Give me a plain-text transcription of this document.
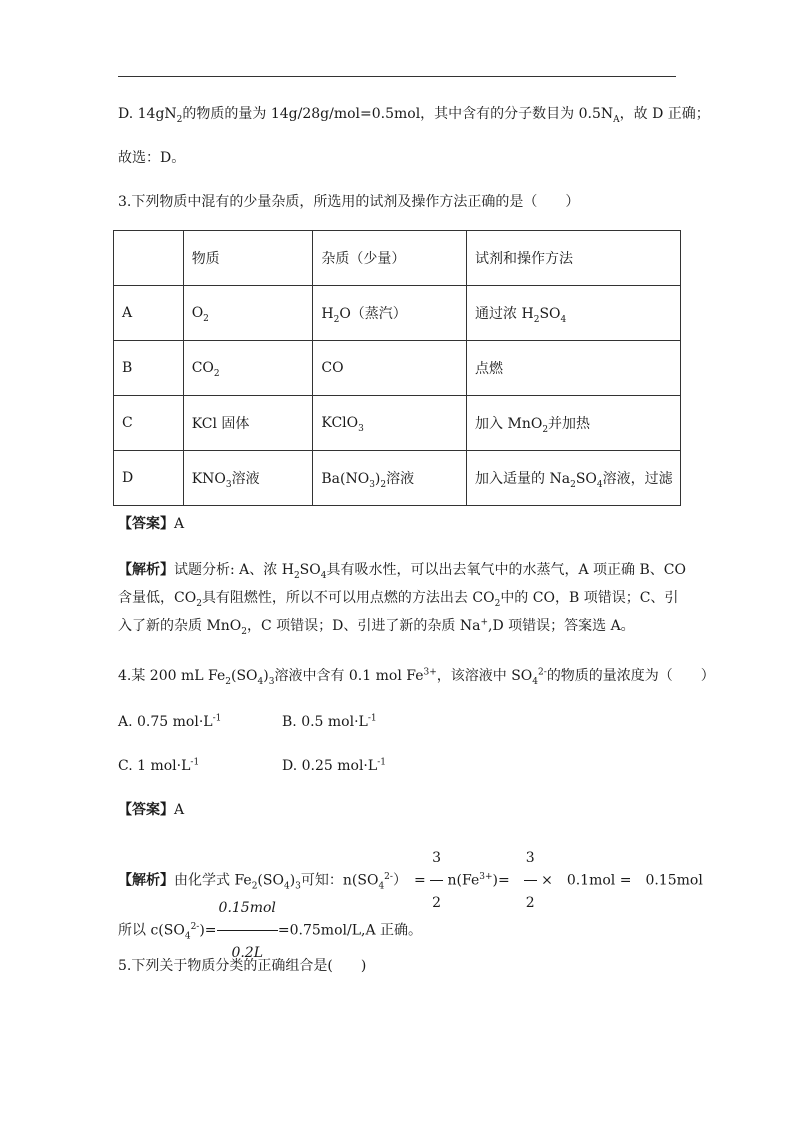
D. $14gN_2$的物质的量为 14g/28g/mol=0.5mol，其中含有的分子数目为 $0.5N_A$，故 D 正确；
故选：D。
3.下列物质中混有的少量杂质，所选用的试剂及操作方法正确的是（　　）
	物质	杂质（少量）	试剂和操作方法
A	$O_2$	$H_2O$（蒸汽）	通过浓 $H_2SO_4$
B	$CO_2$	CO	点燃
C	KCl 固体	KClO$_3$	加入 MnO$_2$并加热
D	$KNO_3$溶液	$Ba(NO_3)_2$溶液	加入适量的 $Na_2SO_4$溶液，过滤
【答案】A
【解析】试题分析: A、浓 $H_2SO_4$具有吸水性，可以出去氧气中的水蒸气，A 项正确 B、CO
含量低，$CO_2$具有阻燃性，所以不可以用点燃的方法出去 $CO_2$中的 CO，B 项错误；C、引
入了新的杂质 MnO$_2$，C 项错误；D、引进了新的杂质 Na+,D 项错误；答案选 A。
4.某 200 mL $Fe_2(SO_4)_3$溶液中含有 0.1 mol $Fe^{3+}$，该溶液中 $SO_4^{2-}$的物质的量浓度为（　　）
A. 0.75 $mol\cdot L^{-1}$	B. 0.5 $mol\cdot L^{-1}$
C. 1 $mol\cdot L^{-1}$	D. 0.25 $mol\cdot L^{-1}$
【答案】A
【解析】由化学式 $Fe_2(SO_4)_3$可知：$n(SO_4^{2-})$　= $\frac{3}{2} n(Fe^{3+})=$　 $\frac{3}{2}$ ×　0.1mol =　0.15mol
所以 $c(SO_4^{2-})= \frac{\text{0.15mol}}{0.2L} =0.75mol/L,A$ 正确。
5.下列关于物质分类的正确组合是(　　)
